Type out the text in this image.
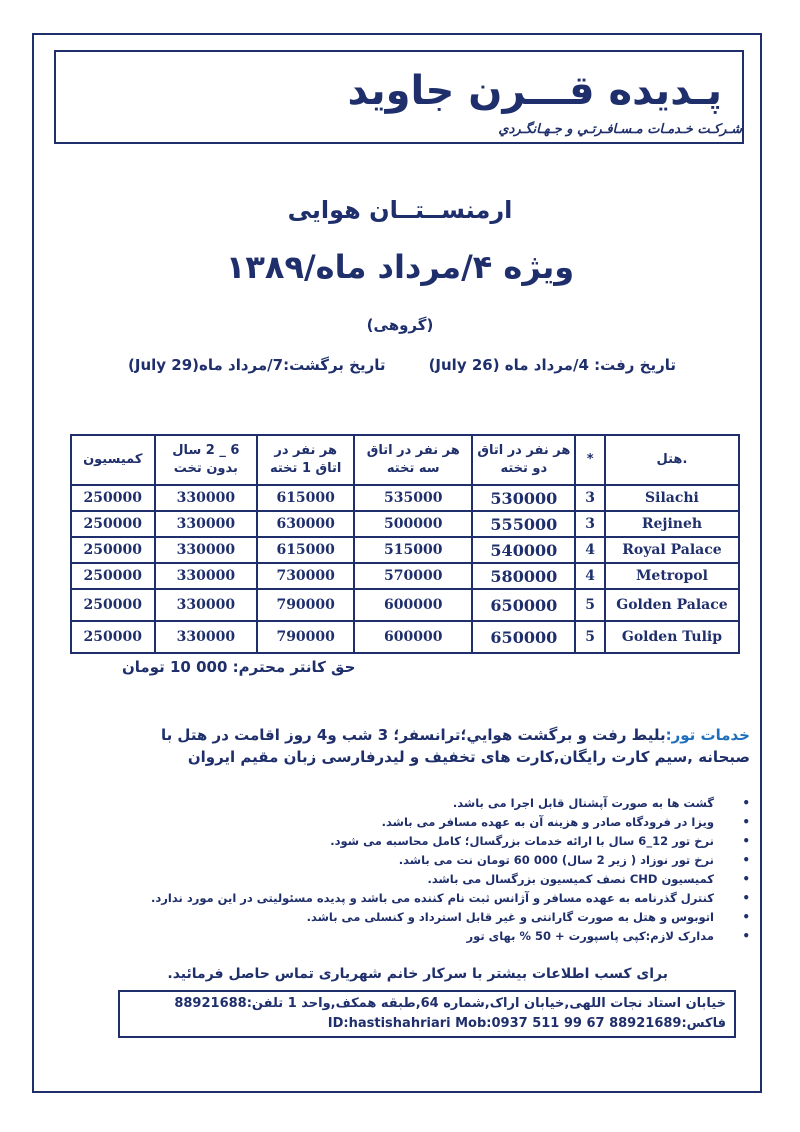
پـديده قـــرن جاويد
شـركـت خـدمـات مـسـافـرتـي و جـهـانگـردي
ارمنســتــان هوايى
ويژه ۴/مرداد ماه/۱۳۸۹
(گروهى)
تاريخ رفت: 4/مرداد ماه (26 July)
تاريخ برگشت:7/مرداد ماه(29 July)
.هتل	*	هر نفر در اتاق دو تخته	هر نفر در اتاق سه تخته	هر نفر در اتاق 1 تخته	6 _ 2 سال بدون تخت	کميسيون
Silachi	3	530000	535000	615000	330000	250000
Rejineh	3	555000	500000	630000	330000	250000
Royal Palace	4	540000	515000	615000	330000	250000
Metropol	4	580000	570000	730000	330000	250000
Golden Palace	5	650000	600000	790000	330000	250000
Golden Tulip	5	650000	600000	790000	330000	250000
حق كانتر محترم: 000 10 تومان
خدمات تور:بليط رفت و برگشت هوايي؛ترانسفر؛ 3 شب و4 روز اقامت در هتل با
صبحانه ,سيم کارت رايگان,کارت های تخفيف و ليدرفارسی زبان مقيم ايروان
•
گشت ها به صورت آپشنال قابل اجرا مى باشد.
•
ويزا در فرودگاه صادر و هزينه آن به عهده مسافر مى باشد.
•
نرخ تور 12_6 سال با ارائه خدمات بزرگسال؛ کامل محاسبه مى شود.
•
نرخ تور نوزاد ( زير 2 سال) 000 60 تومان نت مى باشد.
•
کميسيون CHD نصف کميسيون بزرگسال مى باشد.
•
کنترل گذرنامه به عهده مسافر و آژانس ثبت نام کننده مى باشد و پديده مسئوليتى در اين مورد ندارد.
•
اتوبوس و هتل به صورت گارانتى و غير قابل استرداد و کنسلى مى باشد.
•
مدارک لازم:کپى پاسپورت + 50 % بهاى تور
براى کسب اطلاعات بيشتر با سرکار خانم شهريارى تماس حاصل فرمائيد.
خيابان استاد نجات اللهى,خيابان اراک,شماره 64,طبقه همکف,واحد 1 تلفن:88921688
فاکس:88921689 ID:hastishahriari Mob:0937 511 99 67
